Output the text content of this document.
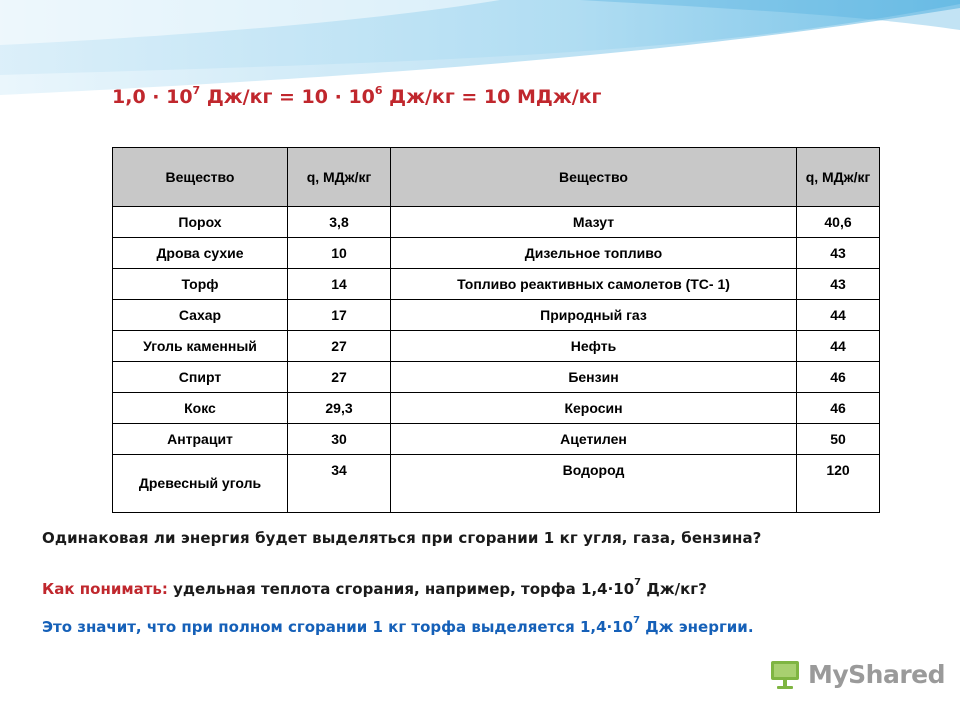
$1,0 \cdot 10^7$ $Дж/кг = 10 \cdot 10^6$ Дж/кг = 10 МДж/кг
Вещество	q, МДж/кг	Вещество	q, МДж/кг
Порох	3,8	Мазут	40,6
Дрова сухие	10	Дизельное топливо	43
Торф	14	Топливо реактивных самолетов (ТС- 1)	43
Сахар	17	Природный газ	44
Уголь каменный	27	Нефть	44
Спирт	27	Бензин	46
Кокс	29,3	Керосин	46
Антрацит	30	Ацетилен	50
Древесный уголь	34	Водород	120
Одинаковая ли энергия будет выделяться при сгорании 1 кг угля, газа, бензина?
Как понимать: удельная теплота сгорания, например, торфа $1,4\cdot 10^7$ Дж/кг?
Это значит, что при полном сгорании 1 кг торфа выделяется $1,4\cdot 10^7$ Дж энергии.
MyShared
